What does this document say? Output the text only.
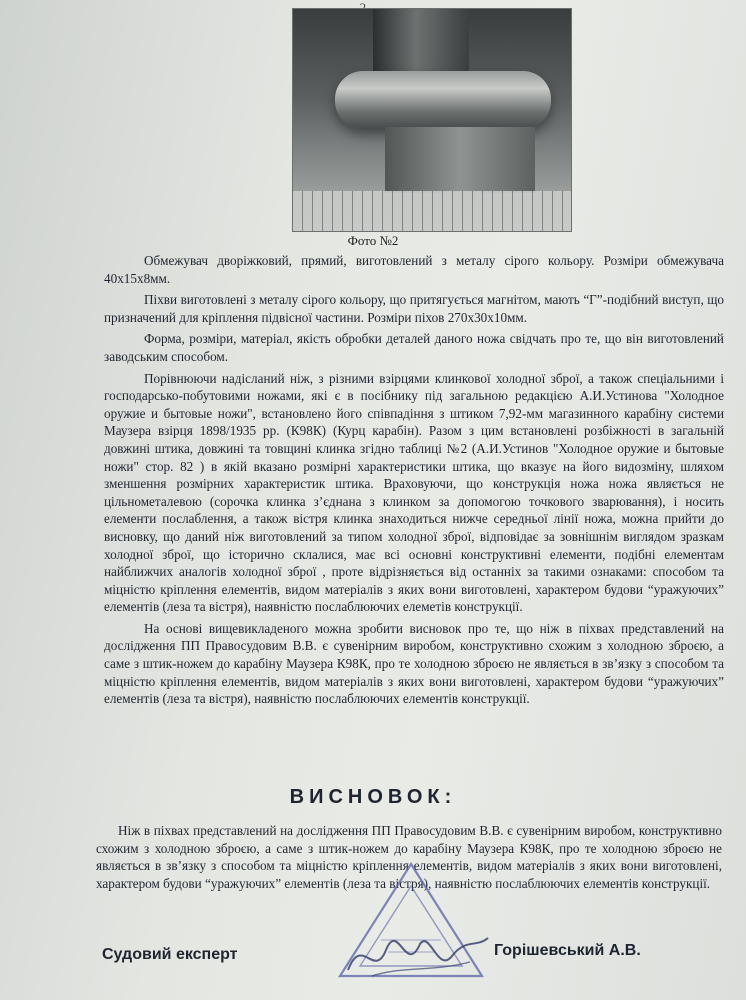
Фото №2

Обмежувач дворіжковий, прямий, виготовлений з металу сірого кольору. Розміри обмежувача 40х15х8мм.

Піхви виготовлені з металу сірого кольору, що притягується магнітом, мають “Г”-подібний виступ, що призначений для кріплення підвісної частини. Розміри піхов 270х30х10мм.

Форма, розміри, матеріал, якість обробки деталей даного ножа свідчать про те, що він виготовлений заводським способом.

Порівнюючи надісланий ніж, з різними взірцями клинкової холодної зброї, а також спеціальними і господарсько-побутовими ножами, які є в посібнику під загальною редакцією А.И.Устинова "Холодное оружие и бытовые ножи", встановлено його співпадіння з штиком 7,92-мм магазинного карабіну системи Маузера взірця 1898/1935 рр. (К98К) (Курц карабін). Разом з цим встановлені розбіжності в загальній довжині штика, довжині та товщині клинка згідно таблиці №2 (А.И.Устинов "Холодное оружие и бытовые ножи" стор. 82 ) в якій вказано розмірні характеристики штика, що вказує на його видозміну, шляхом зменшення розмірних характеристик штика. Враховуючи, що конструкція ножа ножа являється не цільнометалевою (сорочка клинка з’єднана з клинком за допомогою точкового зварювання), і носить елементи послаблення, а також вістря клинка знаходиться нижче середньої лінії ножа, можна прийти до висновку, що даний ніж виготовлений за типом холодної зброї, відповідає за зовнішнім виглядом зразкам холодної зброї, що історично склалися, має всі основні конструктивні елементи, подібні елементам найближчих аналогів холодної зброї , проте відрізняється від останніх за такими ознаками: способом та міцністю кріплення елементів, видом матеріалів з яких вони виготовлені, характером будови “уражуючих” елементів (леза та вістря), наявністю послаблюючих елеметів конструкції.

На основі вищевикладеного можна зробити висновок про те, що ніж в піхвах представлений на дослідження ПП Правосудовим В.В. є сувенірним виробом, конструктивно схожим з холодною зброєю, а саме з штик-ножем до карабіну Маузера К98К, про те холодною зброєю не являється в зв’язку з способом та міцністю кріплення елементів, видом матеріалів з яких вони виготовлені, характером будови “уражуючих” елементів (леза та вістря), наявністю послаблюючих елементів конструкції.

ВИСНОВОК:

Ніж в піхвах представлений на дослідження ПП Правосудовим В.В. є сувенірним виробом, конструктивно схожим з холодною зброєю, а саме з штик-ножем до карабіну Маузера К98К, про те холодною зброєю не являється в зв’язку з способом та міцністю кріплення елементів, видом матеріалів з яких вони виготовлені, характером будови “уражуючих” елементів (леза та вістря), наявністю послаблюючих елементів конструкції.

Судовий експерт	Горішевський А.В.
